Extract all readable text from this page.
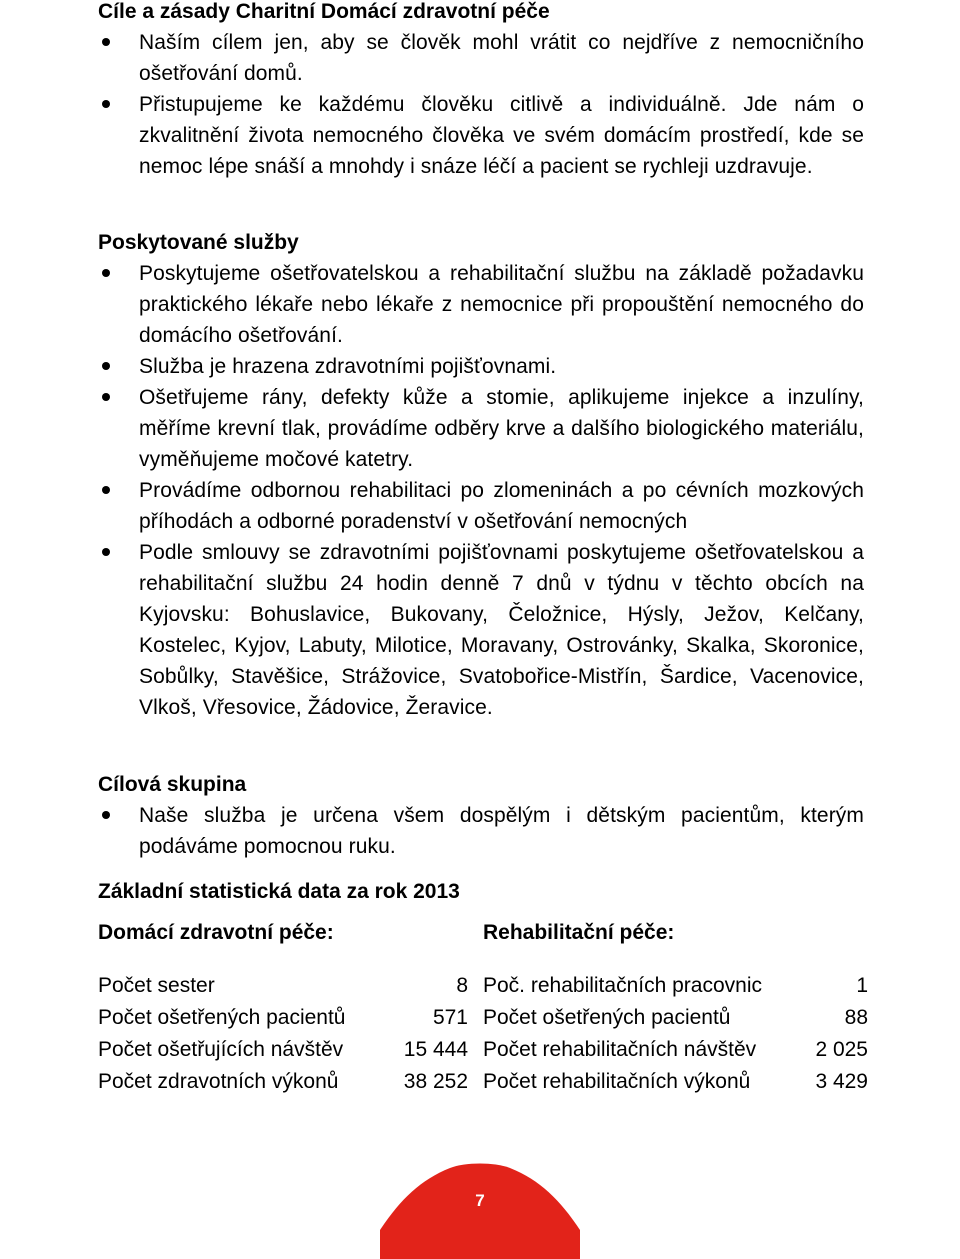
Cíle a zásady Charitní Domácí zdravotní péče

Naším cílem jen, aby se člověk mohl vrátit co nejdříve z nemocničního ošetřování domů.
Přistupujeme ke každému člověku citlivě a individuálně. Jde nám o zkvalitnění života nemocného člověka ve svém domácím prostředí, kde se nemoc lépe snáší a mnohdy i snáze léčí a pacient se rychleji uzdravuje.

Poskytované služby

Poskytujeme ošetřovatelskou a rehabilitační službu na základě požadavku praktického lékaře nebo lékaře z nemocnice při propouštění nemocného do domácího ošetřování.
Služba je hrazena zdravotními pojišťovnami.
Ošetřujeme rány, defekty kůže a stomie, aplikujeme injekce a inzulíny, měříme krevní tlak, provádíme odběry krve a dalšího biologického materiálu, vyměňujeme močové katetry.
Provádíme odbornou rehabilitaci po zlomeninách a po cévních mozkových příhodách a odborné poradenství v ošetřování nemocných
Podle smlouvy se zdravotními pojišťovnami poskytujeme ošetřovatelskou a rehabilitační službu 24 hodin denně 7 dnů v týdnu v těchto obcích na Kyjovsku: Bohuslavice, Bukovany, Čeložnice, Hýsly, Ježov, Kelčany, Kostelec, Kyjov, Labuty, Milotice, Moravany, Ostrovánky, Skalka, Skoronice, Sobůlky, Stavěšice, Strážovice, Svatobořice-Mistřín, Šardice, Vacenovice, Vlkoš, Vřesovice, Žádovice, Žeravice.

Cílová skupina

Naše služba je určena všem dospělým i dětským pacientům, kterým podáváme pomocnou ruku.

Základní statistická data za rok 2013

Domácí zdravotní péče:
Počet sester	8
Počet ošetřených pacientů	571
Počet ošetřujících návštěv	15 444
Počet zdravotních výkonů	38 252
Rehabilitační péče:
Poč. rehabilitačních pracovnic	1
Počet ošetřených pacientů	88
Počet rehabilitačních návštěv	2 025
Počet rehabilitačních výkonů	3 429
7
